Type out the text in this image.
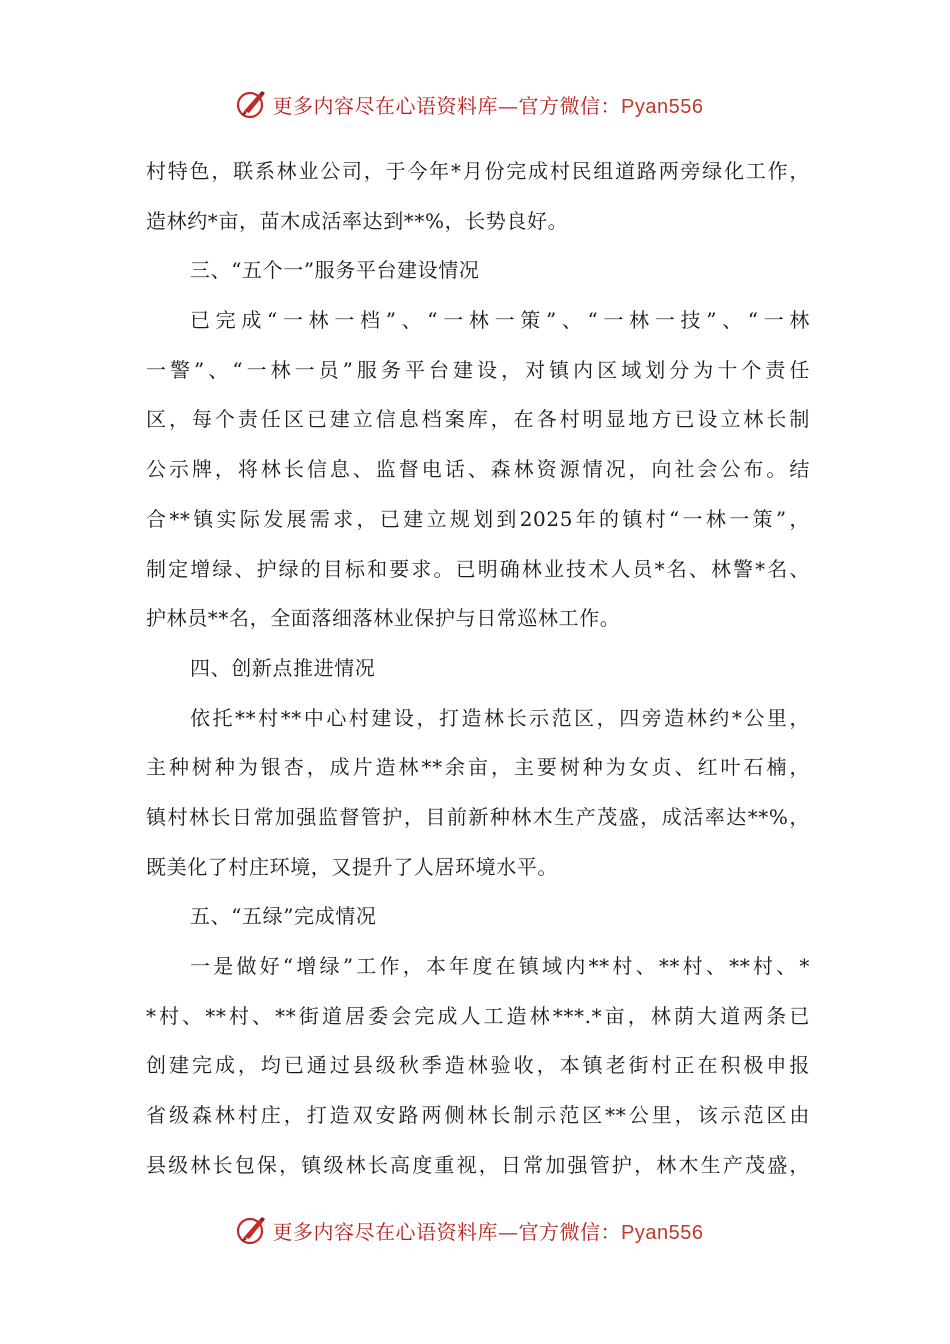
更多内容尽在心语资料库—官方微信：Pyan556
村特色，联系林业公司，于今年*月份完成村民组道路两旁绿化工作，
造林约*亩，苗木成活率达到**%，长势良好。
三、“五个一”服务平台建设情况
已完成“一林一档”、“一林一策”、“一林一技”、“一林
一警”、“一林一员”服务平台建设，对镇内区域划分为十个责任
区，每个责任区已建立信息档案库，在各村明显地方已设立林长制
公示牌，将林长信息、监督电话、森林资源情况，向社会公布。结
合**镇实际发展需求，已建立规划到2025年的镇村“一林一策”，
制定增绿、护绿的目标和要求。已明确林业技术人员*名、林警*名、
护林员**名，全面落细落林业保护与日常巡林工作。
四、创新点推进情况
依托**村**中心村建设，打造林长示范区，四旁造林约*公里，
主种树种为银杏，成片造林**余亩，主要树种为女贞、红叶石楠，
镇村林长日常加强监督管护，目前新种林木生产茂盛，成活率达**%，
既美化了村庄环境，又提升了人居环境水平。
五、“五绿”完成情况
一是做好“增绿”工作，本年度在镇域内**村、**村、**村、*
*村、**村、**街道居委会完成人工造林***.*亩，林荫大道两条已
创建完成，均已通过县级秋季造林验收，本镇老街村正在积极申报
省级森林村庄，打造双安路两侧林长制示范区**公里，该示范区由
县级林长包保，镇级林长高度重视，日常加强管护，林木生产茂盛，
更多内容尽在心语资料库—官方微信：Pyan556
